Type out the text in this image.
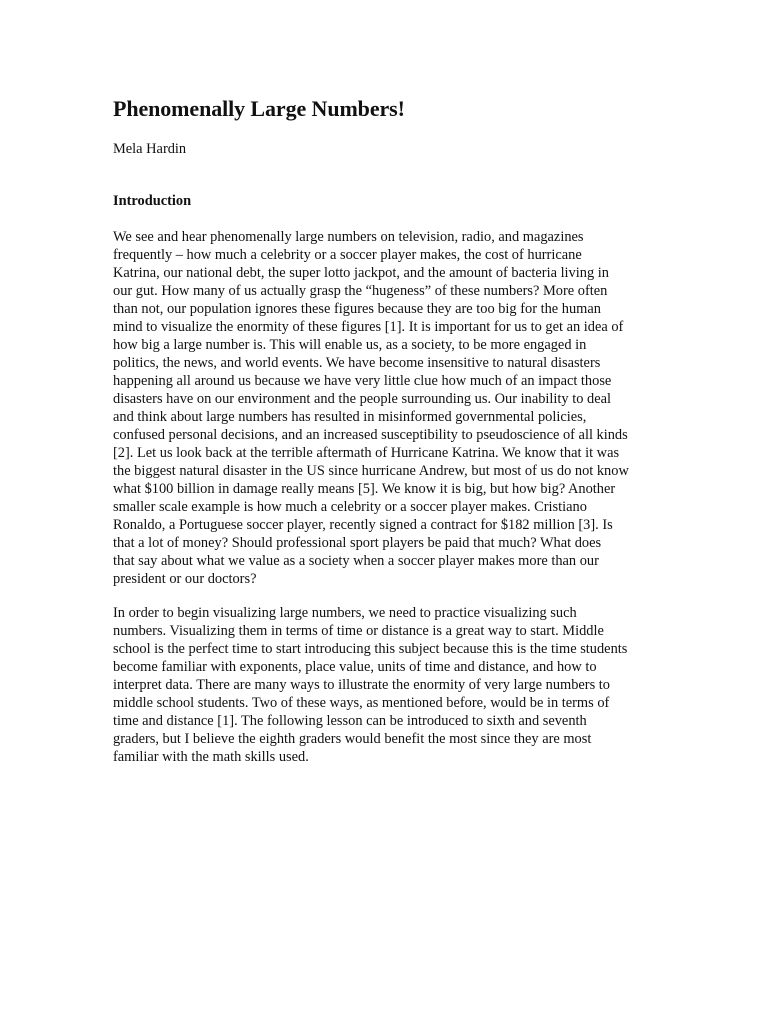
Phenomenally Large Numbers!

Mela Hardin

Introduction

We see and hear phenomenally large numbers on television, radio, and magazines
frequently – how much a celebrity or a soccer player makes, the cost of hurricane
Katrina, our national debt, the super lotto jackpot, and the amount of bacteria living in
our gut. How many of us actually grasp the “hugeness” of these numbers? More often
than not, our population ignores these figures because they are too big for the human
mind to visualize the enormity of these figures [1]. It is important for us to get an idea of
how big a large number is. This will enable us, as a society, to be more engaged in
politics, the news, and world events. We have become insensitive to natural disasters
happening all around us because we have very little clue how much of an impact those
disasters have on our environment and the people surrounding us. Our inability to deal
and think about large numbers has resulted in misinformed governmental policies,
confused personal decisions, and an increased susceptibility to pseudoscience of all kinds
[2]. Let us look back at the terrible aftermath of Hurricane Katrina. We know that it was
the biggest natural disaster in the US since hurricane Andrew, but most of us do not know
what $100 billion in damage really means [5]. We know it is big, but how big? Another
smaller scale example is how much a celebrity or a soccer player makes. Cristiano
Ronaldo, a Portuguese soccer player, recently signed a contract for $182 million [3]. Is
that a lot of money? Should professional sport players be paid that much? What does
that say about what we value as a society when a soccer player makes more than our
president or our doctors?

In order to begin visualizing large numbers, we need to practice visualizing such
numbers. Visualizing them in terms of time or distance is a great way to start. Middle
school is the perfect time to start introducing this subject because this is the time students
become familiar with exponents, place value, units of time and distance, and how to
interpret data. There are many ways to illustrate the enormity of very large numbers to
middle school students. Two of these ways, as mentioned before, would be in terms of
time and distance [1]. The following lesson can be introduced to sixth and seventh
graders, but I believe the eighth graders would benefit the most since they are most
familiar with the math skills used.
